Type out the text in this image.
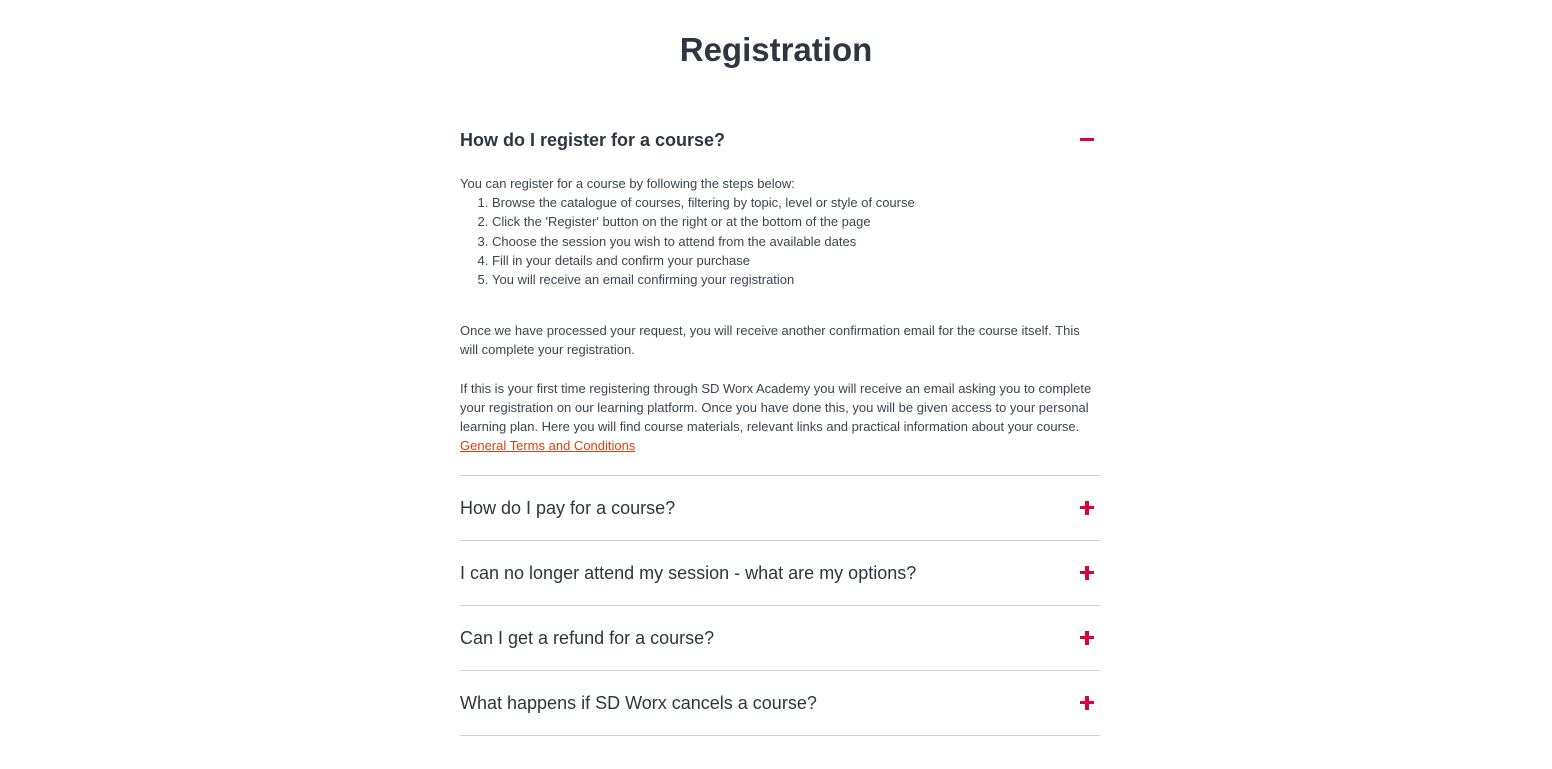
Registration
How do I register for a course?

You can register for a course by following the steps below:

1. Browse the catalogue of courses, filtering by topic, level or style of course
2. Click the 'Register' button on the right or at the bottom of the page
3. Choose the session you wish to attend from the available dates
4. Fill in your details and confirm your purchase
5. You will receive an email confirming your registration

Once we have processed your request, you will receive another confirmation email for the course itself. This will complete your registration.

If this is your first time registering through SD Worx Academy you will receive an email asking you to complete your registration on our learning platform. Once you have done this, you will be given access to your personal learning plan. Here you will find course materials, relevant links and practical information about your course.

General Terms and Conditions
How do I pay for a course?
I can no longer attend my session - what are my options?
Can I get a refund for a course?
What happens if SD Worx cancels a course?
